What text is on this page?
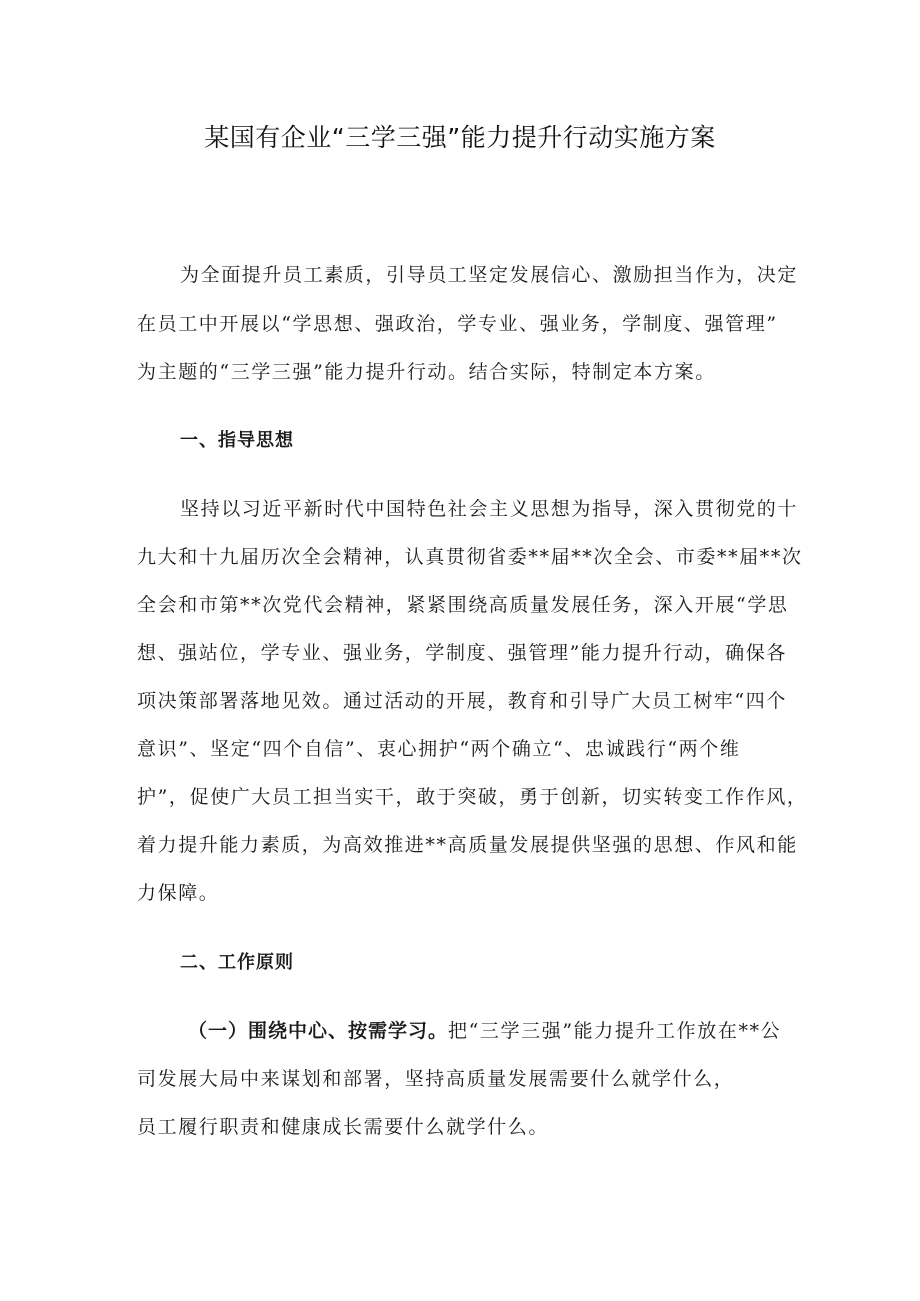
某国有企业“三学三强”能力提升行动实施方案
为全面提升员工素质，引导员工坚定发展信心、激励担当作为，决定
在员工中开展以“学思想、强政治，学专业、强业务，学制度、强管理”
为主题的“三学三强”能力提升行动。结合实际，特制定本方案。
一、指导思想
坚持以习近平新时代中国特色社会主义思想为指导，深入贯彻党的十
九大和十九届历次全会精神，认真贯彻省委**届**次全会、市委**届**次
全会和市第**次党代会精神，紧紧围绕高质量发展任务，深入开展“学思
想、强站位，学专业、强业务，学制度、强管理”能力提升行动，确保各
项决策部署落地见效。通过活动的开展，教育和引导广大员工树牢“四个
意识”、坚定“四个自信”、衷心拥护“两个确立“、忠诚践行“两个维
护”，促使广大员工担当实干，敢于突破，勇于创新，切实转变工作作风，
着力提升能力素质，为高效推进**高质量发展提供坚强的思想、作风和能
力保障。
二、工作原则
（一）围绕中心、按需学习。把“三学三强”能力提升工作放在**公
司发展大局中来谋划和部署，坚持高质量发展需要什么就学什么，
员工履行职责和健康成长需要什么就学什么。
